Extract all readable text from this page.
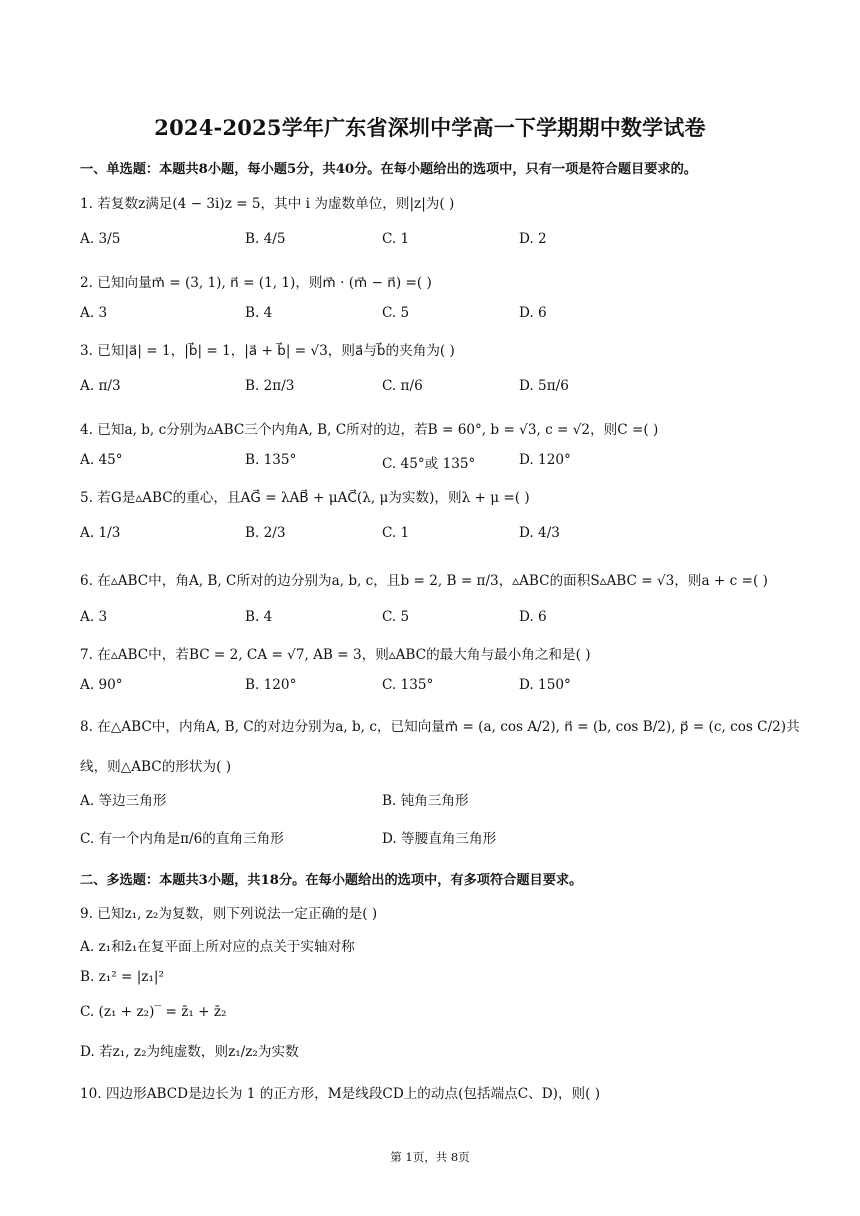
2024-2025学年广东省深圳中学高一下学期期中数学试卷
一、单选题：本题共8小题，每小题5分，共40分。在每小题给出的选项中，只有一项是符合题目要求的。
1. 若复数z满足(4 − 3i)z = 5，其中 i 为虚数单位，则|z|为( )
A. 3/5	B. 4/5	C. 1	D. 2
2. 已知向量m⃗ = (3, 1), n⃗ = (1, 1)，则m⃗ · (m⃗ − n⃗) =( )
A. 3	B. 4	C. 5	D. 6
3. 已知|a⃗| = 1，|b⃗| = 1，|a⃗ + b⃗| = √3，则a⃗与b⃗的夹角为( )
A. π/3	B. 2π/3	C. π/6	D. 5π/6
4. 已知a, b, c分别为▵ABC三个内角A, B, C所对的边，若B = 60°, b = √3, c = √2，则C =( )
A. 45°	B. 135°	C. 45°或 135°	D. 120°
5. 若G是▵ABC的重心，且AG⃗ = λAB⃗ + μAC⃗(λ, μ为实数)，则λ + μ =( )
A. 1/3	B. 2/3	C. 1	D. 4/3
6. 在▵ABC中，角A, B, C所对的边分别为a, b, c，且b = 2, B = π/3，▵ABC的面积S▵ABC = √3，则a + c =( )
A. 3	B. 4	C. 5	D. 6
7. 在▵ABC中，若BC = 2, CA = √7, AB = 3，则▵ABC的最大角与最小角之和是( )
A. 90°	B. 120°	C. 135°	D. 150°
8. 在△ABC中，内角A, B, C的对边分别为a, b, c，已知向量m⃗ = (a, cos A/2), n⃗ = (b, cos B/2), p⃗ = (c, cos C/2)共
线，则△ABC的形状为( )
A. 等边三角形	B. 钝角三角形
C. 有一个内角是π/6的直角三角形	D. 等腰直角三角形
二、多选题：本题共3小题，共18分。在每小题给出的选项中，有多项符合题目要求。
9. 已知z₁, z₂为复数，则下列说法一定正确的是( )
A. z₁和z̄₁在复平面上所对应的点关于实轴对称
B. z₁² = |z₁|²
C. (z₁ + z₂)‾ = z̄₁ + z̄₂
D. 若z₁, z₂为纯虚数，则z₁/z₂为实数
10. 四边形ABCD是边长为 1 的正方形，M是线段CD上的动点(包括端点C、D)，则( )
第 1页，共 8页
